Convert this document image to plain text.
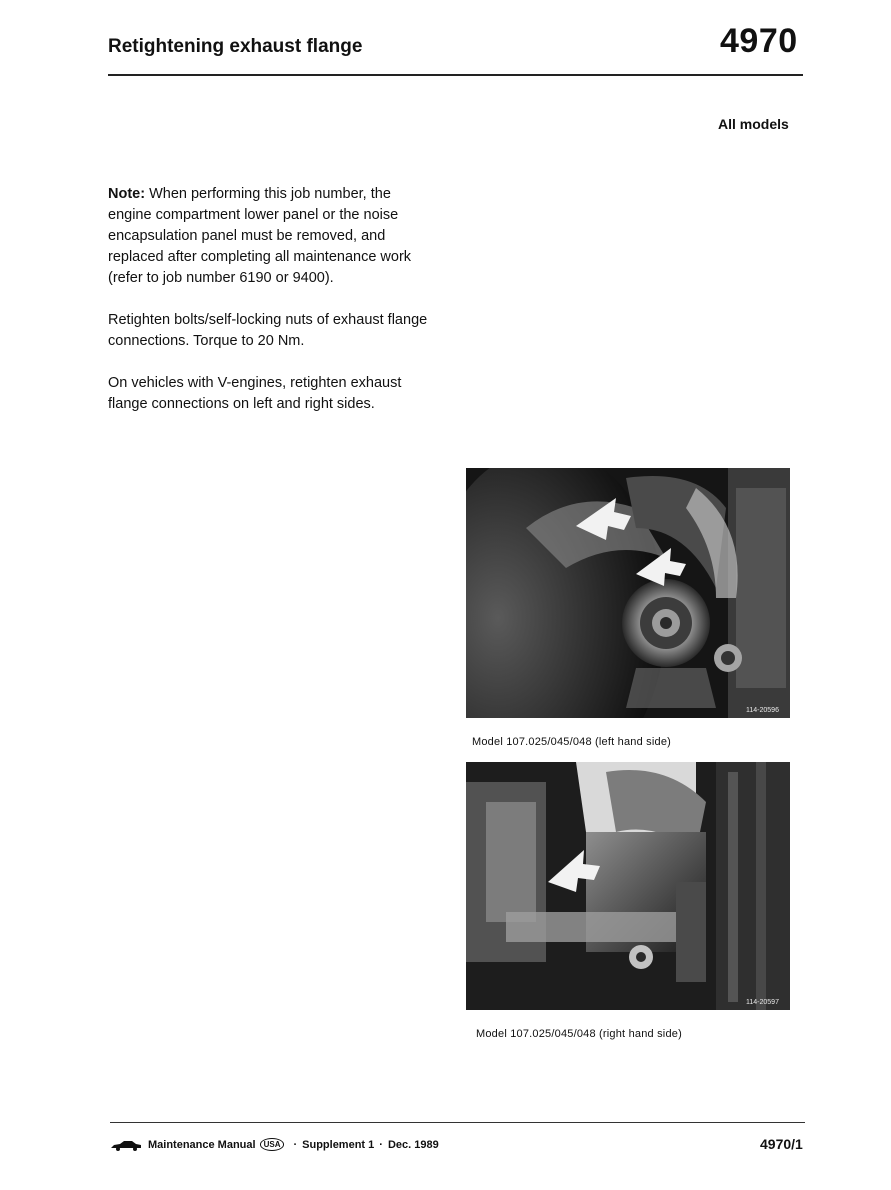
Retightening exhaust flange	4970
All models

Note: When performing this job number, the engine compartment lower panel or the noise encapsulation panel must be removed, and replaced after completing all maintenance work (refer to job number 6190 or 9400).

Retighten bolts/self-locking nuts of exhaust flange connections. Torque to 20 Nm.

On vehicles with V-engines, retighten exhaust flange connections on left and right sides.

114-20596
Model 107.025/045/048 (left hand side)
114-20597
Model 107.025/045/048 (right hand side)
Maintenance Manual	USA	· Supplement 1 · Dec. 1989	4970/1
